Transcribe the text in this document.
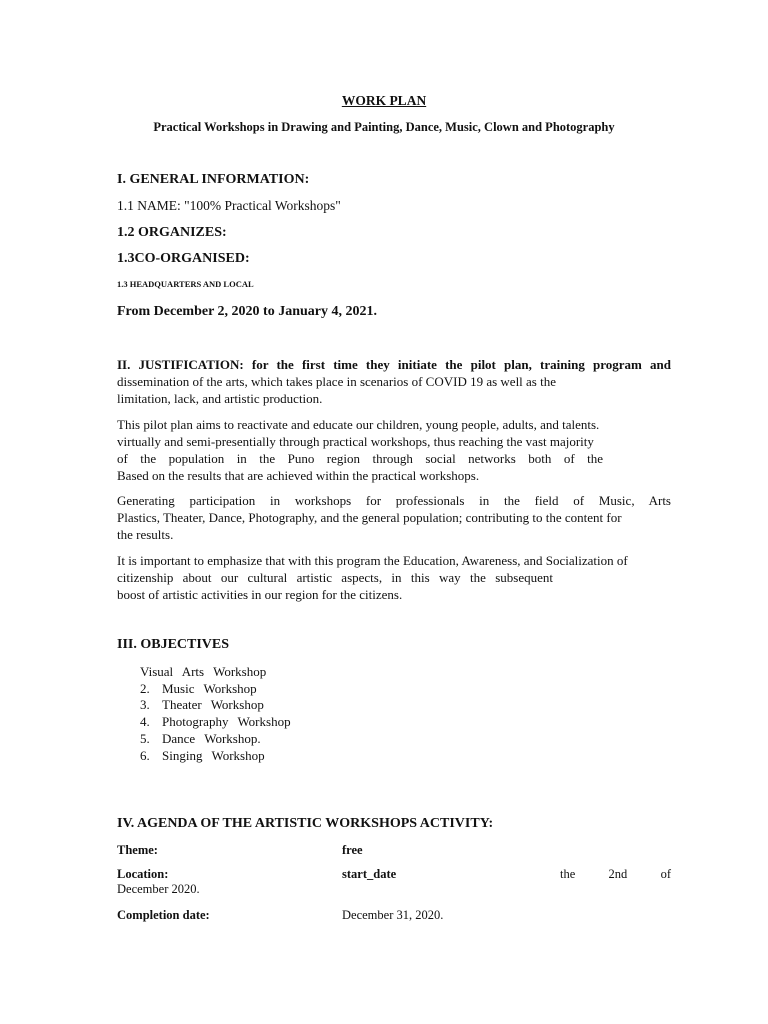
WORK PLAN
Practical Workshops in Drawing and Painting, Dance, Music, Clown and Photography
I. GENERAL INFORMATION:
1.1 NAME: "100% Practical Workshops"
1.2 ORGANIZES:
1.3CO-ORGANISED:
1.3 HEADQUARTERS AND LOCAL
From December 2, 2020 to January 4, 2021.
II. JUSTIFICATION: for the first time they initiate the pilot plan, training program and
dissemination of the arts, which takes place in scenarios of COVID 19 as well as the
limitation, lack, and artistic production.
This pilot plan aims to reactivate and educate our children, young people, adults, and talents.
virtually and semi-presentially through practical workshops, thus reaching the vast majority
of the population in the Puno region through social networks both of the
Based on the results that are achieved within the practical workshops.
Generating participation in workshops for professionals in the field of Music, Arts
Plastics, Theater, Dance, Photography, and the general population; contributing to the content for
the results.
It is important to emphasize that with this program the Education, Awareness, and Socialization of
citizenship about our cultural artistic aspects, in this way the subsequent
boost of artistic activities in our region for the citizens.
III. OBJECTIVES
Visual Arts Workshop
2. Music Workshop
3. Theater Workshop
4. Photography Workshop
5. Dance Workshop.
6. Singing Workshop
IV. AGENDA OF THE ARTISTIC WORKSHOPS ACTIVITY:
Theme:	free
Location:	start_date	the 2nd of
December 2020.
Completion date:	December 31, 2020.
